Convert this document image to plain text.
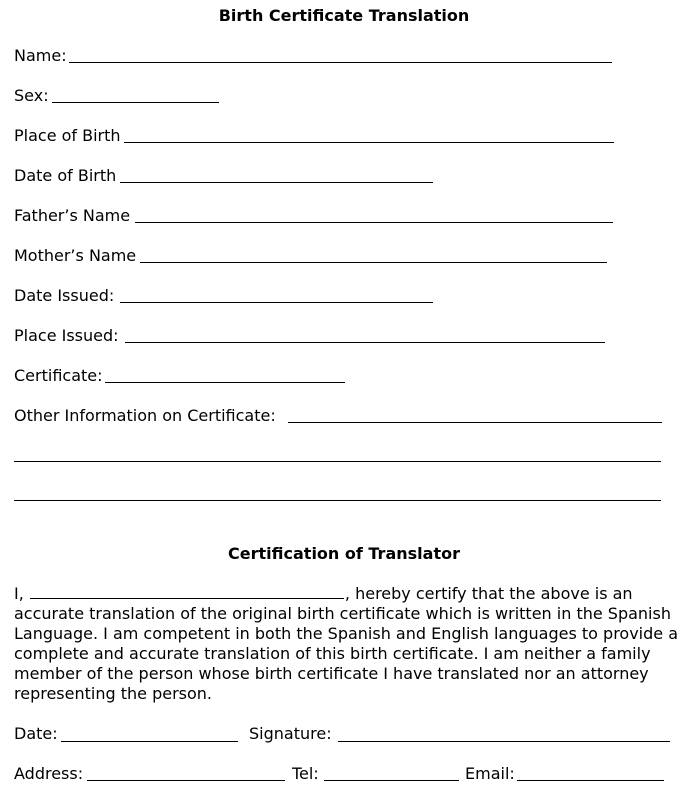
Birth Certificate Translation
Name:
Sex:
Place of Birth
Date of Birth
Father’s Name
Mother’s Name
Date Issued:
Place Issued:
Certificate:
Other Information on Certificate:
Certification of Translator
I,	, hereby certify that the above is an accurate translation of the original birth certificate which is written in the Spanish Language. I am competent in both the Spanish and English languages to provide a complete and accurate translation of this birth certificate. I am neither a family member of the person whose birth certificate I have translated nor an attorney representing the person.
Date:	Signature:
Address:	Tel:	Email:
